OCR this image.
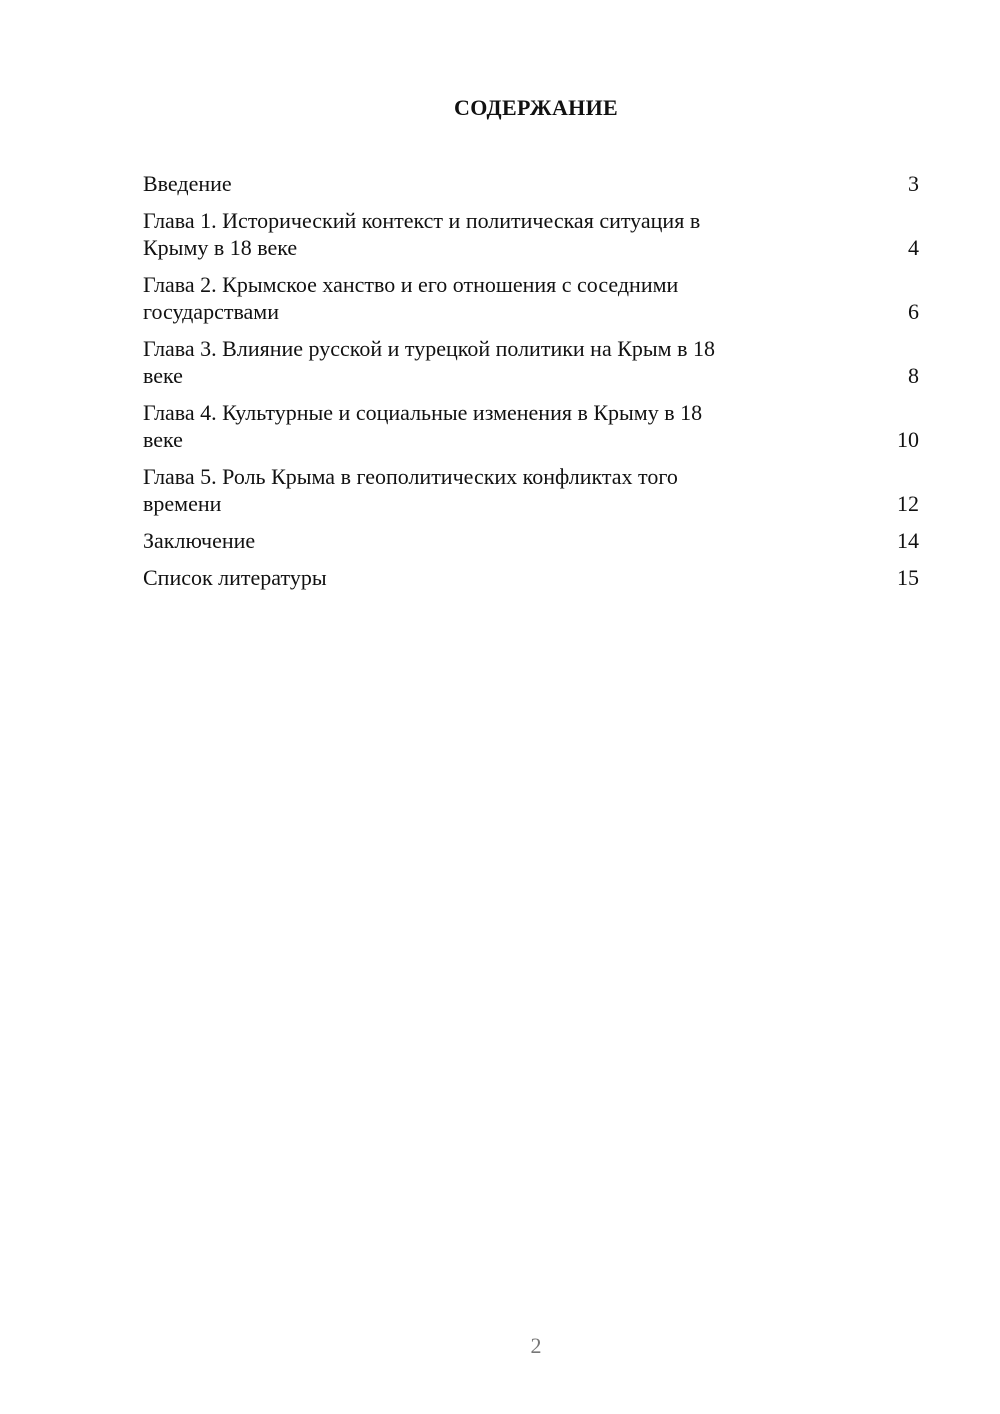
СОДЕРЖАНИЕ
Введение	3
Глава 1. Исторический контекст и политическая ситуация в
Крыму в 18 веке	4
Глава 2. Крымское ханство и его отношения с соседними
государствами	6
Глава 3. Влияние русской и турецкой политики на Крым в 18
веке	8
Глава 4. Культурные и социальные изменения в Крыму в 18
веке	10
Глава 5. Роль Крыма в геополитических конфликтах того
времени	12
Заключение	14
Список литературы	15
2
